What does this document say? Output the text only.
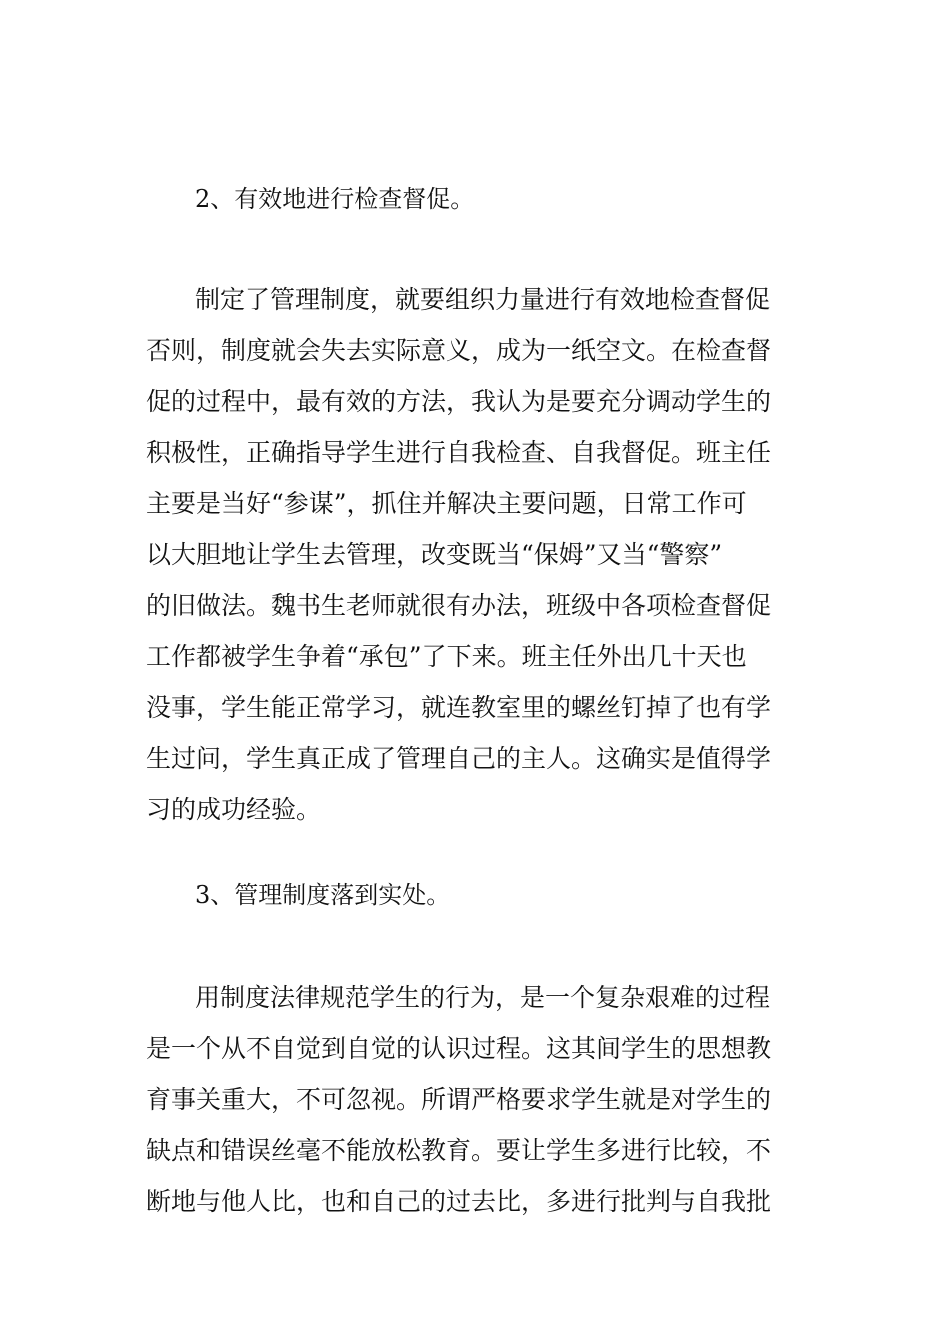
2、有效地进行检查督促。
制定了管理制度，就要组织力量进行有效地检查督促
否则，制度就会失去实际意义，成为一纸空文。在检查督
促的过程中，最有效的方法，我认为是要充分调动学生的
积极性，正确指导学生进行自我检查、自我督促。班主任
主要是当好“参谋”，抓住并解决主要问题，日常工作可
以大胆地让学生去管理，改变既当“保姆”又当“警察”
的旧做法。魏书生老师就很有办法，班级中各项检查督促
工作都被学生争着“承包”了下来。班主任外出几十天也
没事，学生能正常学习，就连教室里的螺丝钉掉了也有学
生过问，学生真正成了管理自己的主人。这确实是值得学
习的成功经验。
3、管理制度落到实处。
用制度法律规范学生的行为，是一个复杂艰难的过程
是一个从不自觉到自觉的认识过程。这其间学生的思想教
育事关重大，不可忽视。所谓严格要求学生就是对学生的
缺点和错误丝毫不能放松教育。要让学生多进行比较，不
断地与他人比，也和自己的过去比，多进行批判与自我批
